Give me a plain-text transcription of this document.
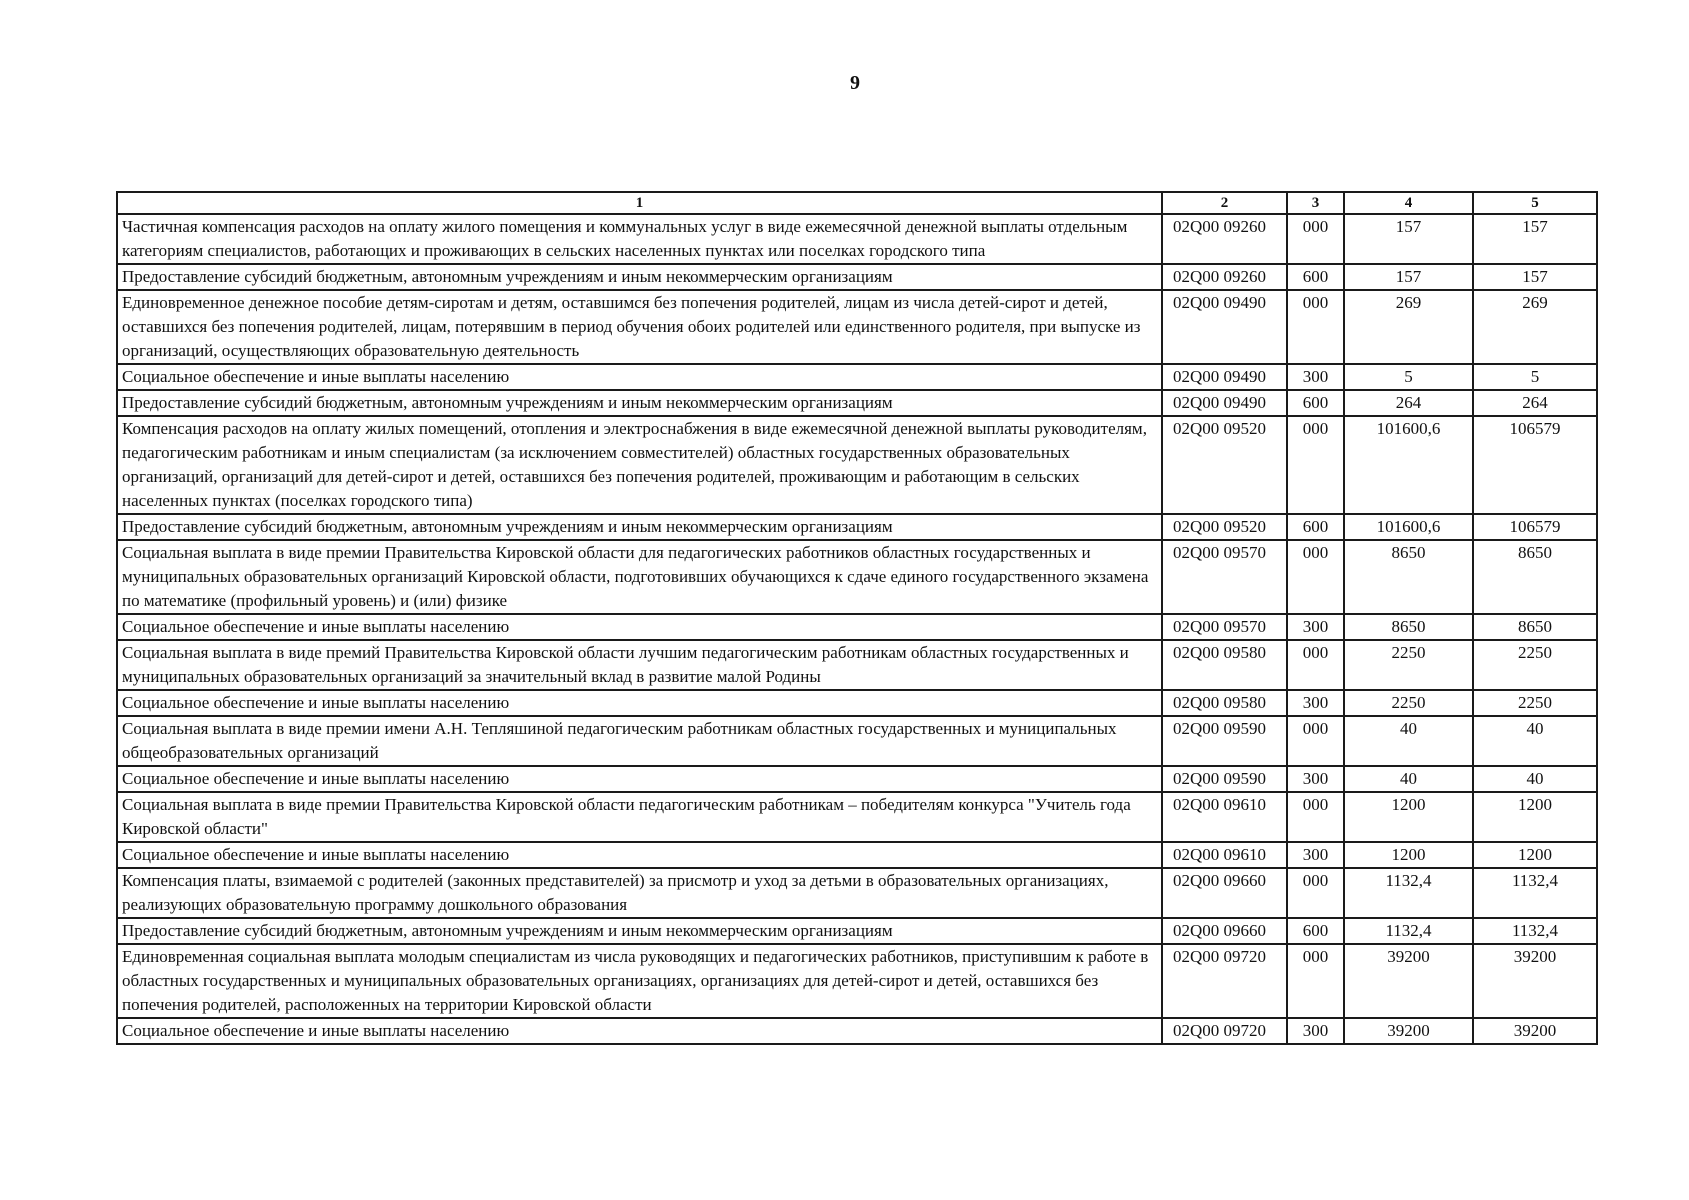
9
1	2	3	4	5
Частичная компенсация расходов на оплату жилого помещения и коммунальных услуг в виде ежемесячной денежной выплаты отдельным категориям специалистов, работающих и проживающих в сельских населенных пунктах или поселках городского типа	02Q00 09260	000	157	157
Предоставление субсидий бюджетным, автономным учреждениям и иным некоммерческим организациям	02Q00 09260	600	157	157
Единовременное денежное пособие детям-сиротам и детям, оставшимся без попечения родителей, лицам из числа детей-сирот и детей, оставшихся без попечения родителей, лицам, потерявшим в период обучения обоих родителей или единственного родителя, при выпуске из организаций, осуществляющих образовательную деятельность	02Q00 09490	000	269	269
Социальное обеспечение и иные выплаты населению	02Q00 09490	300	5	5
Предоставление субсидий бюджетным, автономным учреждениям и иным некоммерческим организациям	02Q00 09490	600	264	264
Компенсация расходов на оплату жилых помещений, отопления и электроснабжения в виде ежемесячной денежной выплаты руководителям, педагогическим работникам и иным специалистам (за исключением совместителей) областных государственных образовательных организаций, организаций для детей-сирот и детей, оставшихся без попечения родителей, проживающим и работающим в сельских населенных пунктах (поселках городского типа)	02Q00 09520	000	101600,6	106579
Предоставление субсидий бюджетным, автономным учреждениям и иным некоммерческим организациям	02Q00 09520	600	101600,6	106579
Социальная выплата в виде премии Правительства Кировской области для педагогических работников областных государственных и муниципальных образовательных организаций Кировской области, подготовивших обучающихся к сдаче единого государственного экзамена по математике (профильный уровень) и (или) физике	02Q00 09570	000	8650	8650
Социальное обеспечение и иные выплаты населению	02Q00 09570	300	8650	8650
Социальная выплата в виде премий Правительства Кировской области лучшим педагогическим работникам областных государственных и муниципальных образовательных организаций за значительный вклад в развитие малой Родины	02Q00 09580	000	2250	2250
Социальное обеспечение и иные выплаты населению	02Q00 09580	300	2250	2250
Социальная выплата в виде премии имени А.Н. Тепляшиной педагогическим работникам областных государственных и муниципальных общеобразовательных организаций	02Q00 09590	000	40	40
Социальное обеспечение и иные выплаты населению	02Q00 09590	300	40	40
Социальная выплата в виде премии Правительства Кировской области педагогическим работникам – победителям конкурса "Учитель года Кировской области"	02Q00 09610	000	1200	1200
Социальное обеспечение и иные выплаты населению	02Q00 09610	300	1200	1200
Компенсация платы, взимаемой с родителей (законных представителей) за присмотр и уход за детьми в образовательных организациях, реализующих образовательную программу дошкольного образования	02Q00 09660	000	1132,4	1132,4
Предоставление субсидий бюджетным, автономным учреждениям и иным некоммерческим организациям	02Q00 09660	600	1132,4	1132,4
Единовременная социальная выплата молодым специалистам из числа руководящих и педагогических работников, приступившим к работе в областных государственных и муниципальных образовательных организациях, организациях для детей-сирот и детей, оставшихся без попечения родителей, расположенных на территории Кировской области	02Q00 09720	000	39200	39200
Социальное обеспечение и иные выплаты населению	02Q00 09720	300	39200	39200
